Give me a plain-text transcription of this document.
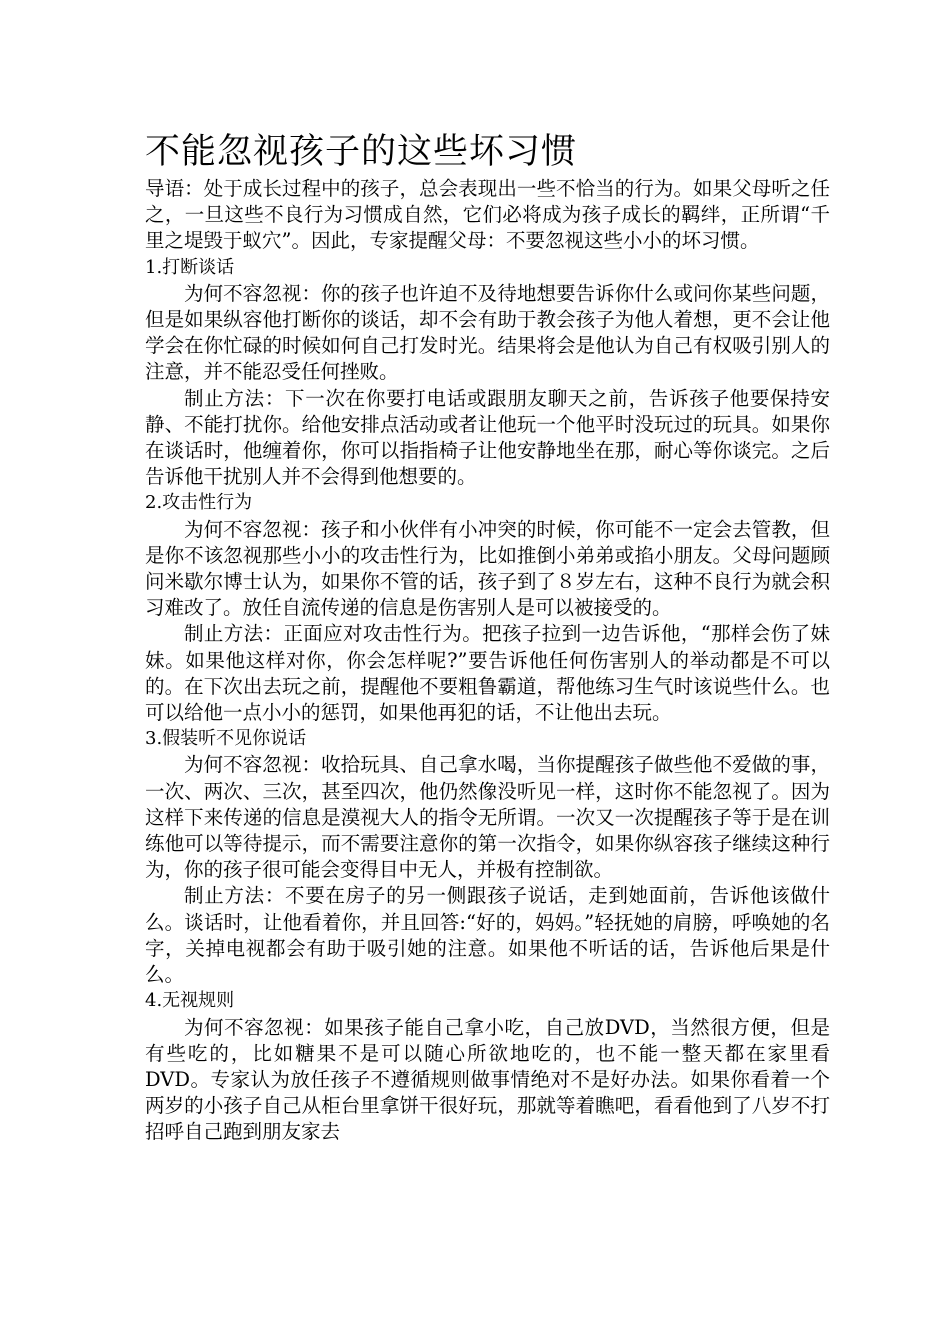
不能忽视孩子的这些坏习惯

导语：处于成长过程中的孩子，总会表现出一些不恰当的行为。如果父母听之任之，一旦这些不良行为习惯成自然，它们必将成为孩子成长的羁绊，正所谓“千里之堤毁于蚁穴”。因此，专家提醒父母：不要忽视这些小小的坏习惯。

1.打断谈话

为何不容忽视：你的孩子也许迫不及待地想要告诉你什么或问你某些问题，但是如果纵容他打断你的谈话，却不会有助于教会孩子为他人着想，更不会让他学会在你忙碌的时候如何自己打发时光。结果将会是他认为自己有权吸引别人的注意，并不能忍受任何挫败。

制止方法：下一次在你要打电话或跟朋友聊天之前，告诉孩子他要保持安静、不能打扰你。给他安排点活动或者让他玩一个他平时没玩过的玩具。如果你在谈话时，他缠着你，你可以指指椅子让他安静地坐在那，耐心等你谈完。之后告诉他干扰别人并不会得到他想要的。

2.攻击性行为

为何不容忽视：孩子和小伙伴有小冲突的时候，你可能不一定会去管教，但是你不该忽视那些小小的攻击性行为，比如推倒小弟弟或掐小朋友。父母问题顾问米歇尔博士认为，如果你不管的话，孩子到了８岁左右，这种不良行为就会积习难改了。放任自流传递的信息是伤害别人是可以被接受的。

制止方法：正面应对攻击性行为。把孩子拉到一边告诉他，“那样会伤了妹妹。如果他这样对你，你会怎样呢?”要告诉他任何伤害别人的举动都是不可以的。在下次出去玩之前，提醒他不要粗鲁霸道，帮他练习生气时该说些什么。也可以给他一点小小的惩罚，如果他再犯的话，不让他出去玩。

3.假装听不见你说话

为何不容忽视：收拾玩具、自己拿水喝，当你提醒孩子做些他不爱做的事，一次、两次、三次，甚至四次，他仍然像没听见一样，这时你不能忽视了。因为这样下来传递的信息是漠视大人的指令无所谓。一次又一次提醒孩子等于是在训练他可以等待提示，而不需要注意你的第一次指令，如果你纵容孩子继续这种行为，你的孩子很可能会变得目中无人，并极有控制欲。

制止方法：不要在房子的另一侧跟孩子说话，走到她面前，告诉他该做什么。谈话时，让他看着你，并且回答:“好的，妈妈。”轻抚她的肩膀，呼唤她的名字，关掉电视都会有助于吸引她的注意。如果他不听话的话，告诉他后果是什么。

4.无视规则

为何不容忽视：如果孩子能自己拿小吃，自己放DVD，当然很方便，但是有些吃的，比如糖果不是可以随心所欲地吃的，也不能一整天都在家里看DVD。专家认为放任孩子不遵循规则做事情绝对不是好办法。如果你看着一个两岁的小孩子自己从柜台里拿饼干很好玩，那就等着瞧吧，看看他到了八岁不打招呼自己跑到朋友家去
